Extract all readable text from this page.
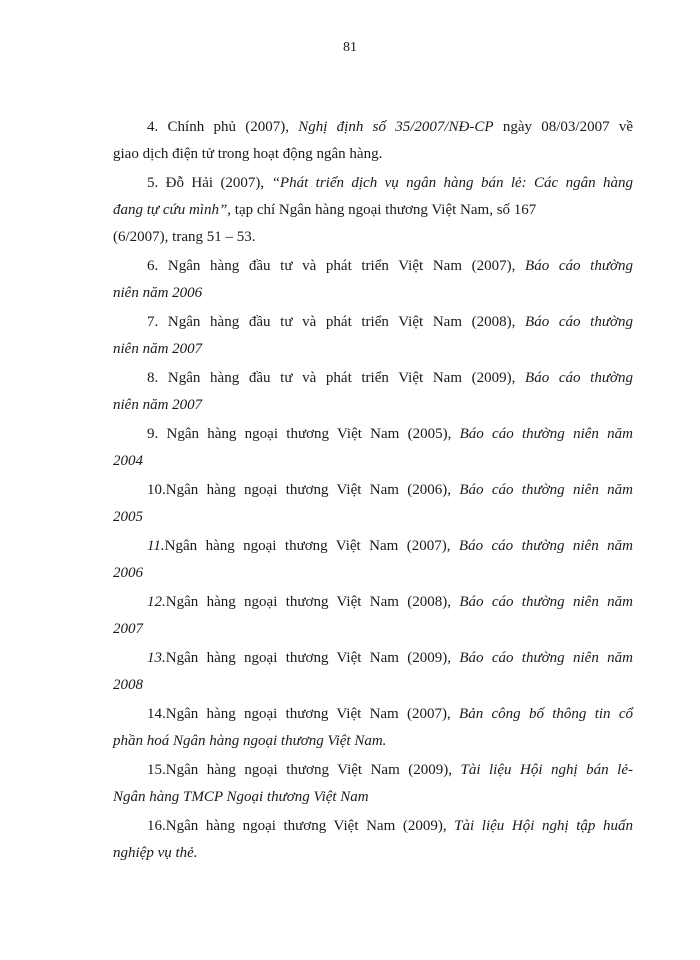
81

4. Chính phủ (2007), Nghị định số 35/2007/NĐ-CP ngày 08/03/2007 về
giao dịch điện tử trong hoạt động ngân hàng.

5. Đỗ Hải (2007), “Phát triển dịch vụ ngân hàng bán lẻ: Các ngân hàng
đang tự cứu mình”, tạp chí Ngân hàng ngoại thương Việt Nam, số 167
(6/2007), trang 51 – 53.

6. Ngân hàng đầu tư và phát triển Việt Nam (2007), Báo cáo thường
niên năm 2006

7. Ngân hàng đầu tư và phát triển Việt Nam (2008), Báo cáo thường
niên năm 2007

8. Ngân hàng đầu tư và phát triển Việt Nam (2009), Báo cáo thường
niên năm 2007

9. Ngân hàng ngoại thương Việt Nam (2005), Báo cáo thường niên năm
2004

10.Ngân hàng ngoại thương Việt Nam (2006), Báo cáo thường niên năm
2005

11.Ngân hàng ngoại thương Việt Nam (2007), Báo cáo thường niên năm
2006

12.Ngân hàng ngoại thương Việt Nam (2008), Báo cáo thường niên năm
2007

13.Ngân hàng ngoại thương Việt Nam (2009), Báo cáo thường niên năm
2008

14.Ngân hàng ngoại thương Việt Nam (2007), Bản công bố thông tin cổ
phần hoá Ngân hàng ngoại thương Việt Nam.

15.Ngân hàng ngoại thương Việt Nam (2009), Tài liệu Hội nghị bán lẻ-
Ngân hàng TMCP Ngoại thương Việt Nam

16.Ngân hàng ngoại thương Việt Nam (2009), Tài liệu Hội nghị tập huấn
nghiệp vụ thẻ.
